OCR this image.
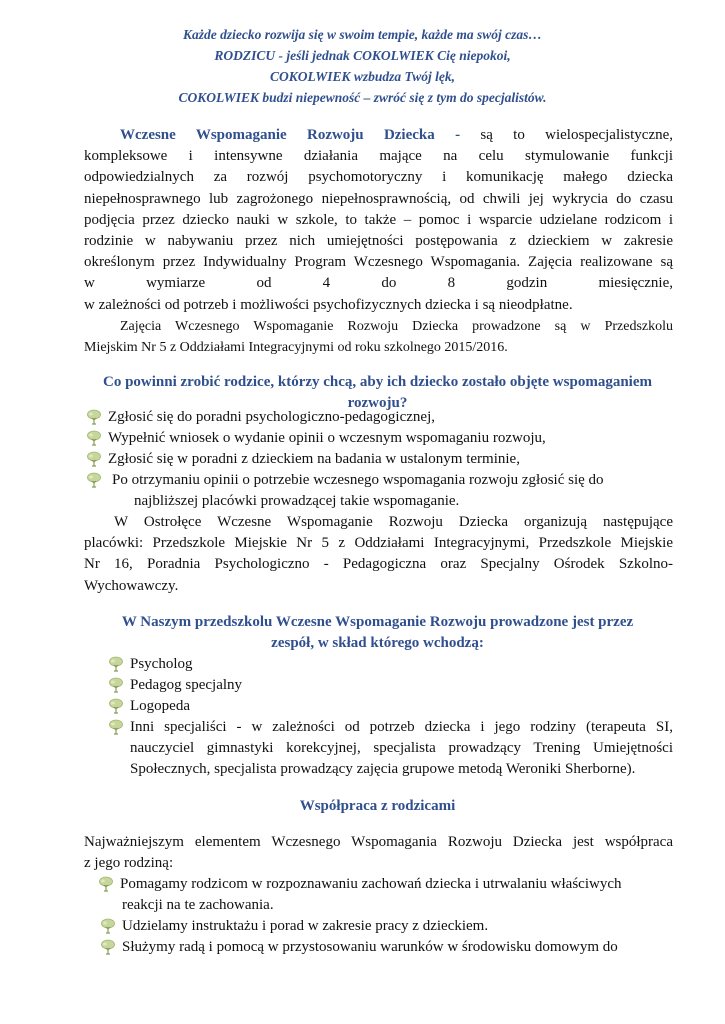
Każde dziecko rozwija się w swoim tempie, każde ma swój czas…
RODZICU - jeśli jednak COKOLWIEK Cię niepokoi,
COKOLWIEK wzbudza Twój lęk,
COKOLWIEK budzi niepewność – zwróć się z tym do specjalistów.
Wczesne Wspomaganie Rozwoju Dziecka - są to wielospecjalistyczne,
kompleksowe i intensywne działania mające na celu stymulowanie funkcji
odpowiedzialnych za rozwój psychomotoryczny i komunikację małego dziecka
niepełnosprawnego lub zagrożonego niepełnosprawnością, od chwili jej wykrycia do czasu
podjęcia przez dziecko nauki w szkole, to także – pomoc i wsparcie udzielane rodzicom i
rodzinie w nabywaniu przez nich umiejętności postępowania z dzieckiem w zakresie
określonym przez Indywidualny Program Wczesnego Wspomagania. Zajęcia realizowane są
w wymiarze od 4 do 8 godzin miesięcznie,
w zależności od potrzeb i możliwości psychofizycznych dziecka i są nieodpłatne.
Zajęcia Wczesnego Wspomaganie Rozwoju Dziecka prowadzone są w Przedszkolu
Miejskim Nr 5 z Oddziałami Integracyjnymi od roku szkolnego 2015/2016.
Co powinni zrobić rodzice, którzy chcą, aby ich dziecko zostało objęte wspomaganiem
rozwoju?
Zgłosić się do poradni psychologiczno-pedagogicznej,
Wypełnić wniosek o wydanie opinii o wczesnym wspomaganiu rozwoju,
Zgłosić się w poradni z dzieckiem na badania w ustalonym terminie,
Po otrzymaniu opinii o potrzebie wczesnego wspomagania rozwoju zgłosić się do
najbliższej placówki prowadzącej takie wspomaganie.
W Ostrołęce Wczesne Wspomaganie Rozwoju Dziecka organizują następujące
placówki: Przedszkole Miejskie Nr 5 z Oddziałami Integracyjnymi, Przedszkole Miejskie
Nr 16, Poradnia Psychologiczno - Pedagogiczna oraz Specjalny Ośrodek Szkolno-
Wychowawczy.
W Naszym przedszkolu Wczesne Wspomaganie Rozwoju prowadzone jest przez
zespół, w skład którego wchodzą:
Psycholog
Pedagog specjalny
Logopeda
Inni specjaliści - w zależności od potrzeb dziecka i jego rodziny (terapeuta SI,
nauczyciel gimnastyki korekcyjnej, specjalista prowadzący Trening Umiejętności
Społecznych, specjalista prowadzący zajęcia grupowe metodą Weroniki Sherborne).
Współpraca z rodzicami
Najważniejszym elementem Wczesnego Wspomagania Rozwoju Dziecka jest współpraca
z jego rodziną:
Pomagamy rodzicom w rozpoznawaniu zachowań dziecka i utrwalaniu właściwych
reakcji na te zachowania.
Udzielamy instruktażu i porad w zakresie pracy z dzieckiem.
Służymy radą i pomocą w przystosowaniu warunków w środowisku domowym do
